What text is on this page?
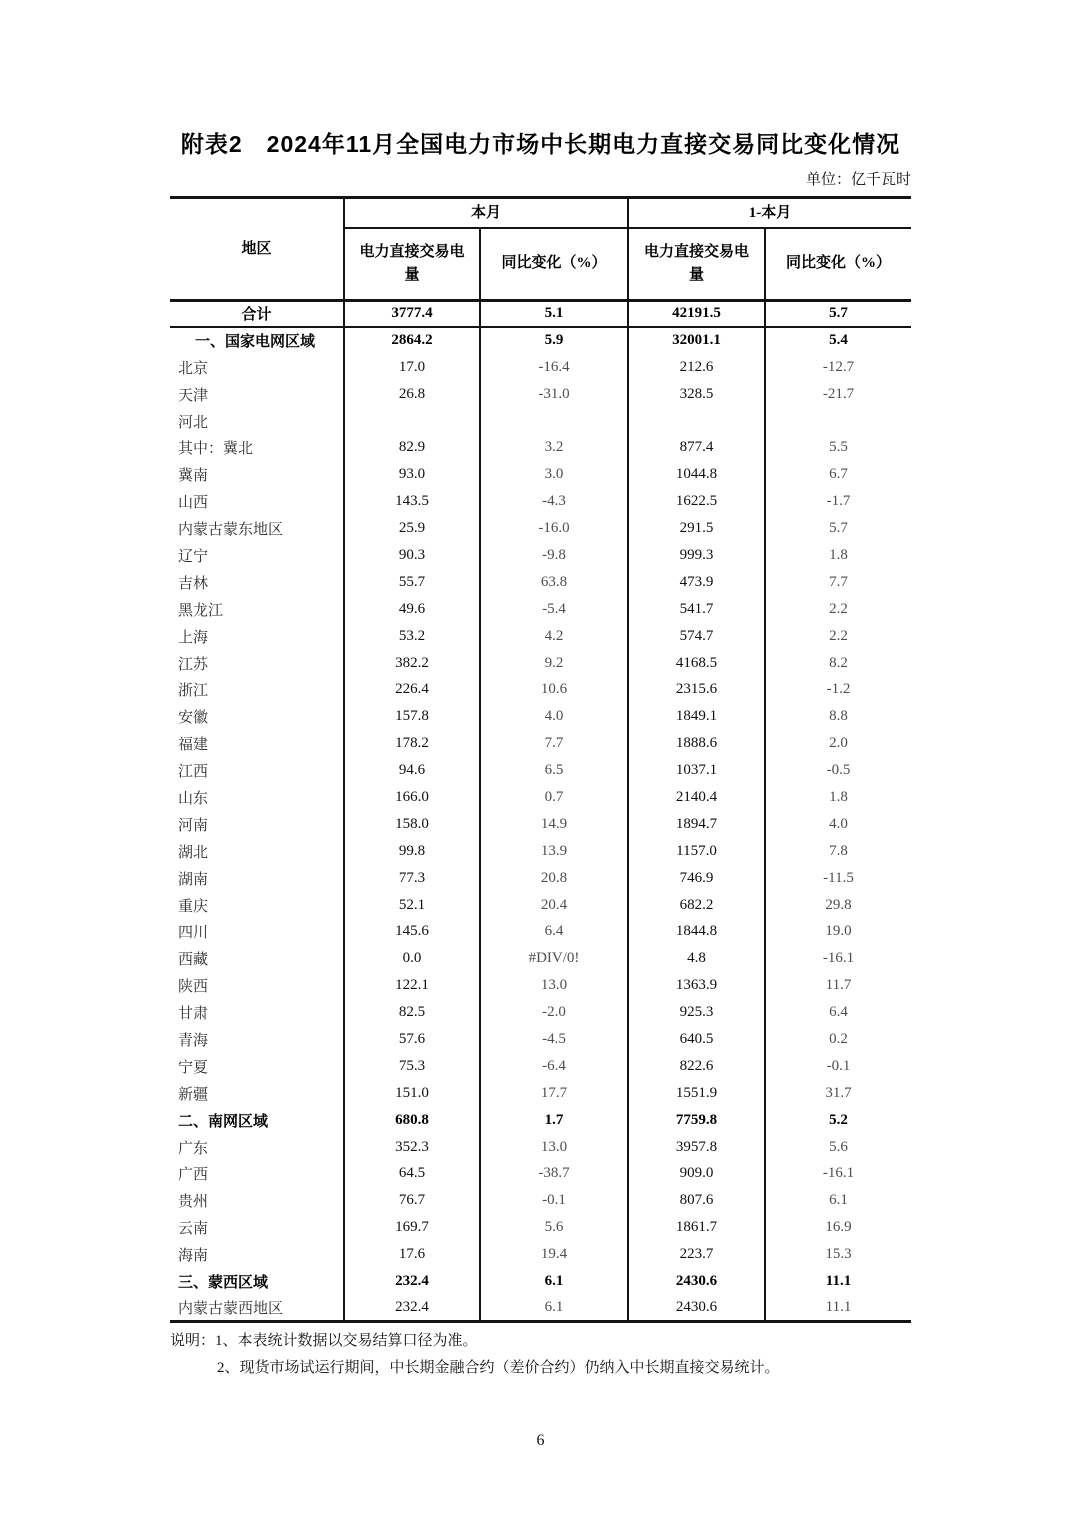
附表2　2024年11月全国电力市场中长期电力直接交易同比变化情况
单位：亿千瓦时
地区	本月		1-本月	
	电力直接交易电量	同比变化（%）	电力直接交易电量	同比变化（%）
合计	3777.4	5.1	42191.5	5.7
一、国家电网区域	2864.2	5.9	32001.1	5.4
北京	17.0	-16.4	212.6	-12.7
天津	26.8	-31.0	328.5	-21.7
河北				
其中：冀北	82.9	3.2	877.4	5.5
冀南	93.0	3.0	1044.8	6.7
山西	143.5	-4.3	1622.5	-1.7
内蒙古蒙东地区	25.9	-16.0	291.5	5.7
辽宁	90.3	-9.8	999.3	1.8
吉林	55.7	63.8	473.9	7.7
黑龙江	49.6	-5.4	541.7	2.2
上海	53.2	4.2	574.7	2.2
江苏	382.2	9.2	4168.5	8.2
浙江	226.4	10.6	2315.6	-1.2
安徽	157.8	4.0	1849.1	8.8
福建	178.2	7.7	1888.6	2.0
江西	94.6	6.5	1037.1	-0.5
山东	166.0	0.7	2140.4	1.8
河南	158.0	14.9	1894.7	4.0
湖北	99.8	13.9	1157.0	7.8
湖南	77.3	20.8	746.9	-11.5
重庆	52.1	20.4	682.2	29.8
四川	145.6	6.4	1844.8	19.0
西藏	0.0	#DIV/0!	4.8	-16.1
陕西	122.1	13.0	1363.9	11.7
甘肃	82.5	-2.0	925.3	6.4
青海	57.6	-4.5	640.5	0.2
宁夏	75.3	-6.4	822.6	-0.1
新疆	151.0	17.7	1551.9	31.7
二、南网区域	680.8	1.7	7759.8	5.2
广东	352.3	13.0	3957.8	5.6
广西	64.5	-38.7	909.0	-16.1
贵州	76.7	-0.1	807.6	6.1
云南	169.7	5.6	1861.7	16.9
海南	17.6	19.4	223.7	15.3
三、蒙西区域	232.4	6.1	2430.6	11.1
内蒙古蒙西地区	232.4	6.1	2430.6	11.1
说明：1、本表统计数据以交易结算口径为准。
2、现货市场试运行期间，中长期金融合约（差价合约）仍纳入中长期直接交易统计。
6
